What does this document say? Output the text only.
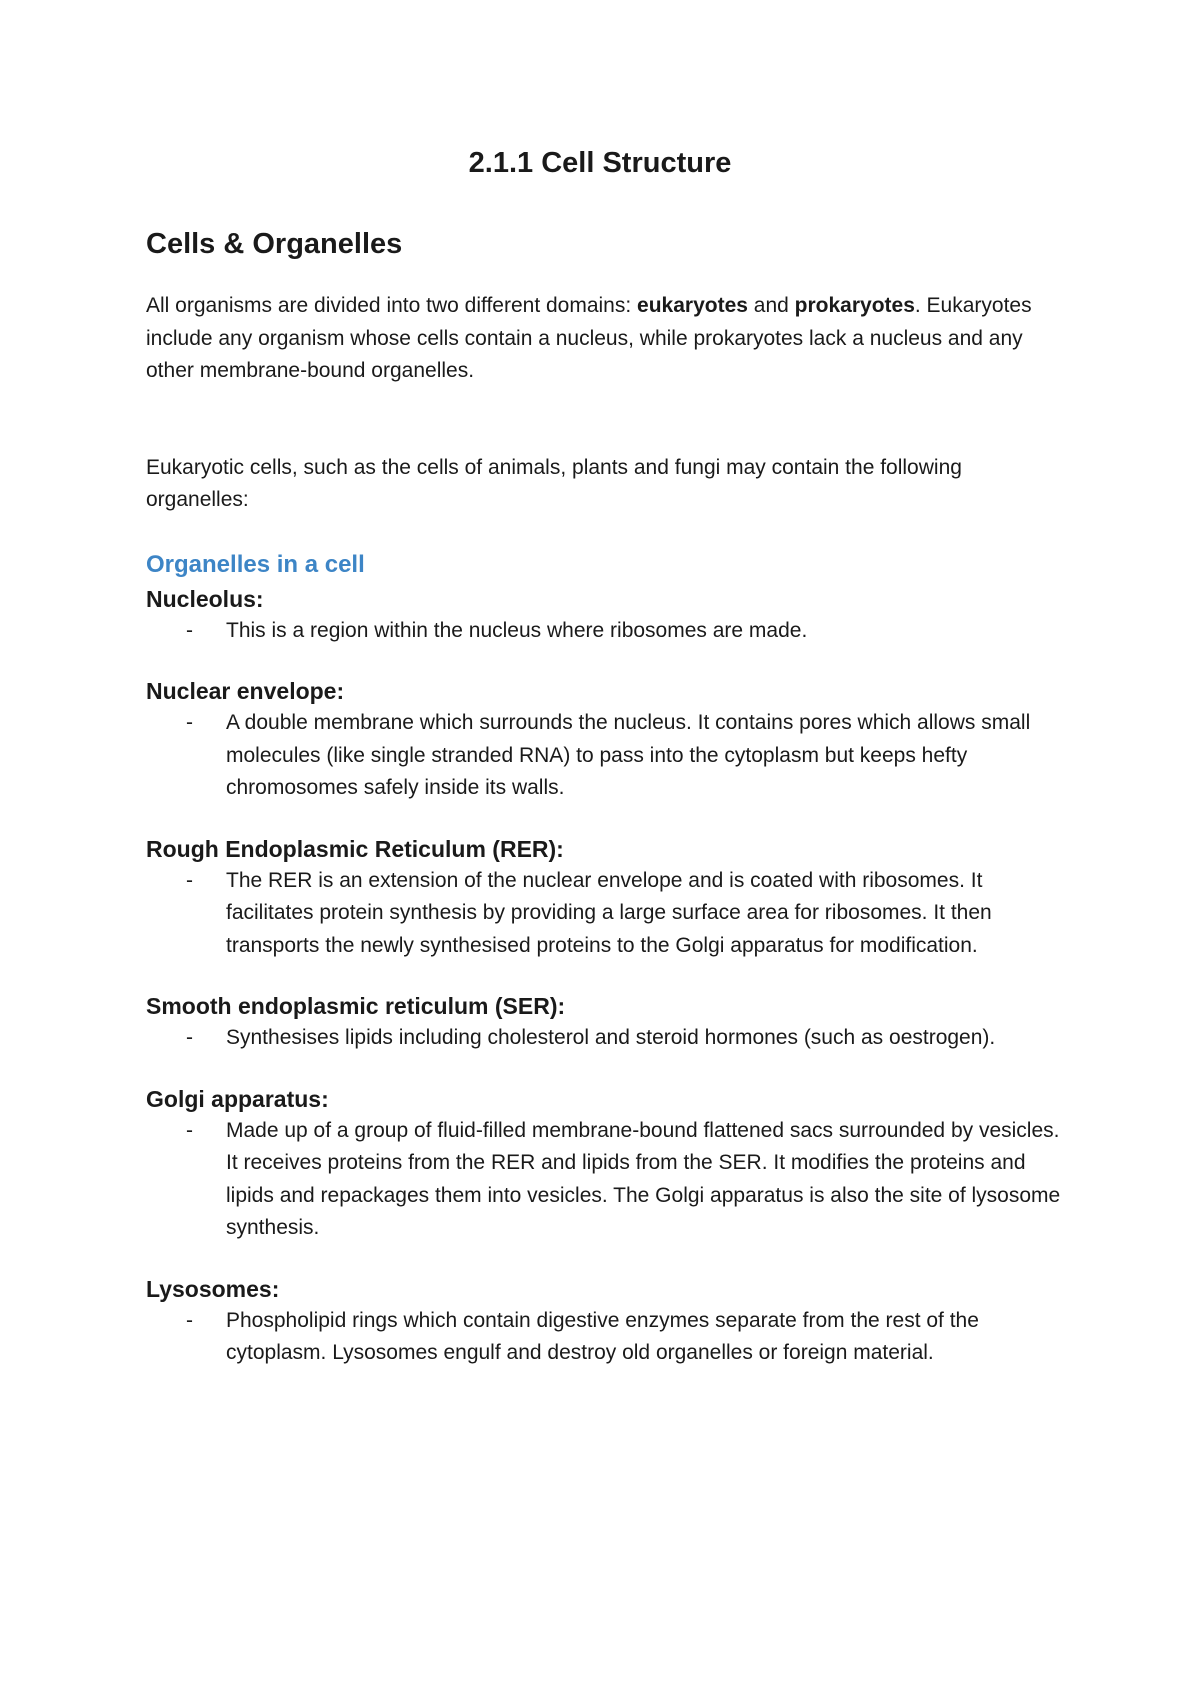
2.1.1 Cell Structure
Cells & Organelles

All organisms are divided into two different domains: eukaryotes and prokaryotes. Eukaryotes include any organism whose cells contain a nucleus, while prokaryotes lack a nucleus and any other membrane-bound organelles.

Eukaryotic cells, such as the cells of animals, plants and fungi may contain the following organelles:

Organelles in a cell
Nucleolus:
-	This is a region within the nucleus where ribosomes are made.
Nuclear envelope:
-	A double membrane which surrounds the nucleus. It contains pores which allows small molecules (like single stranded RNA) to pass into the cytoplasm but keeps hefty chromosomes safely inside its walls.
Rough Endoplasmic Reticulum (RER):
-	The RER is an extension of the nuclear envelope and is coated with ribosomes. It facilitates protein synthesis by providing a large surface area for ribosomes. It then transports the newly synthesised proteins to the Golgi apparatus for modification.
Smooth endoplasmic reticulum (SER):
-	Synthesises lipids including cholesterol and steroid hormones (such as oestrogen).
Golgi apparatus:
-	Made up of a group of fluid-filled membrane-bound flattened sacs surrounded by vesicles. It receives proteins from the RER and lipids from the SER. It modifies the proteins and lipids and repackages them into vesicles. The Golgi apparatus is also the site of lysosome synthesis.
Lysosomes:
-	Phospholipid rings which contain digestive enzymes separate from the rest of the cytoplasm. Lysosomes engulf and destroy old organelles or foreign material.
